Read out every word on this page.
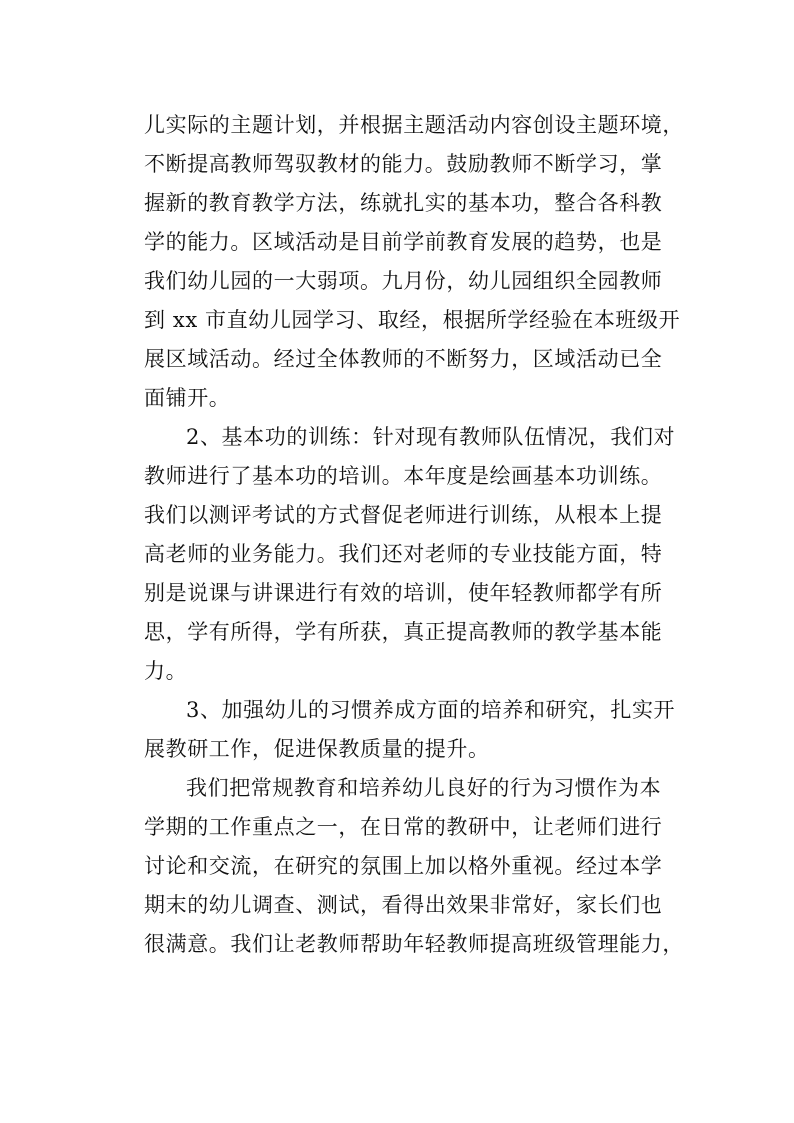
儿实际的主题计划，并根据主题活动内容创设主题环境，
不断提高教师驾驭教材的能力。鼓励教师不断学习，掌
握新的教育教学方法，练就扎实的基本功，整合各科教
学的能力。区域活动是目前学前教育发展的趋势，也是
我们幼儿园的一大弱项。九月份，幼儿园组织全园教师
到 xx 市直幼儿园学习、取经，根据所学经验在本班级开
展区域活动。经过全体教师的不断努力，区域活动已全
面铺开。
2、基本功的训练：针对现有教师队伍情况，我们对
教师进行了基本功的培训。本年度是绘画基本功训练。
我们以测评考试的方式督促老师进行训练，从根本上提
高老师的业务能力。我们还对老师的专业技能方面，特
别是说课与讲课进行有效的培训，使年轻教师都学有所
思，学有所得，学有所获，真正提高教师的教学基本能
力。
3、加强幼儿的习惯养成方面的培养和研究，扎实开
展教研工作，促进保教质量的提升。
我们把常规教育和培养幼儿良好的行为习惯作为本
学期的工作重点之一，在日常的教研中，让老师们进行
讨论和交流，在研究的氛围上加以格外重视。经过本学
期末的幼儿调查、测试，看得出效果非常好，家长们也
很满意。我们让老教师帮助年轻教师提高班级管理能力，
